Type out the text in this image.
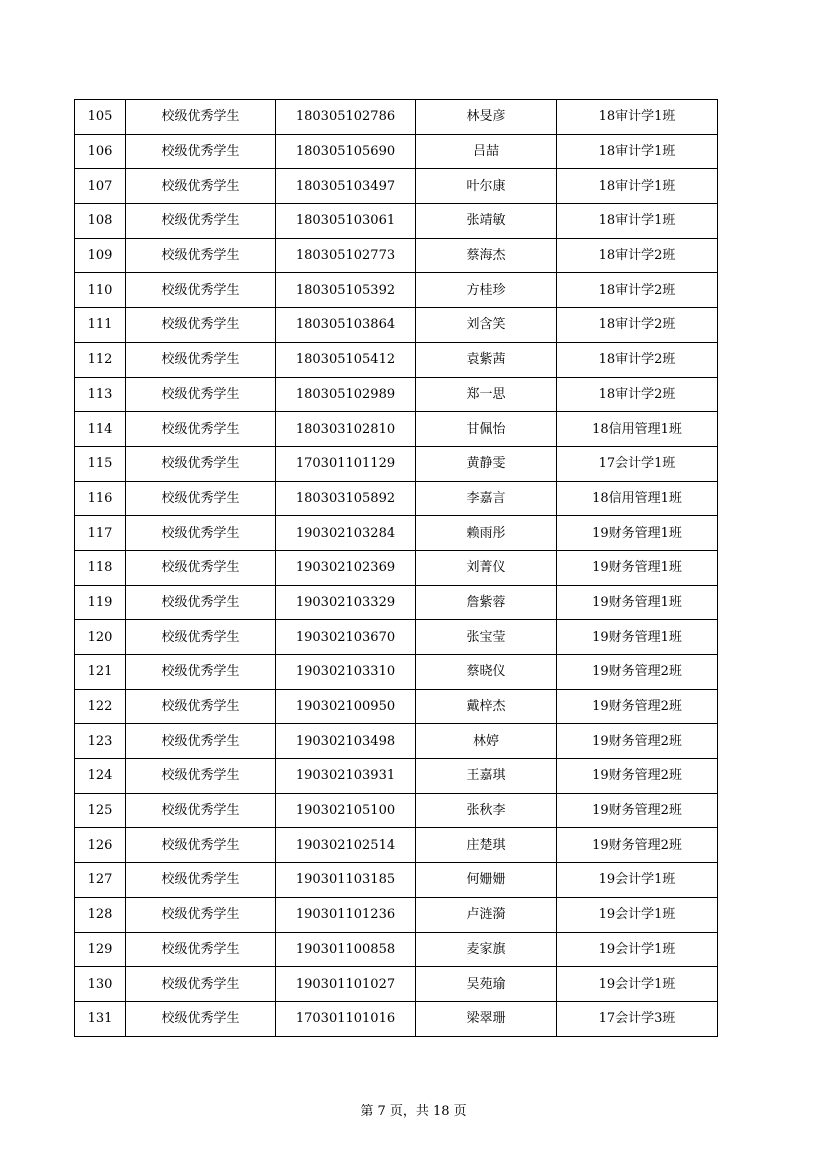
105	校级优秀学生	180305102786	林旻彦	18审计学1班
106	校级优秀学生	180305105690	吕喆	18审计学1班
107	校级优秀学生	180305103497	叶尔康	18审计学1班
108	校级优秀学生	180305103061	张靖敏	18审计学1班
109	校级优秀学生	180305102773	蔡海杰	18审计学2班
110	校级优秀学生	180305105392	方桂珍	18审计学2班
111	校级优秀学生	180305103864	刘含笑	18审计学2班
112	校级优秀学生	180305105412	袁紫茜	18审计学2班
113	校级优秀学生	180305102989	郑一思	18审计学2班
114	校级优秀学生	180303102810	甘佩怡	18信用管理1班
115	校级优秀学生	170301101129	黄静雯	17会计学1班
116	校级优秀学生	180303105892	李嘉言	18信用管理1班
117	校级优秀学生	190302103284	赖雨彤	19财务管理1班
118	校级优秀学生	190302102369	刘菁仪	19财务管理1班
119	校级优秀学生	190302103329	詹紫蓉	19财务管理1班
120	校级优秀学生	190302103670	张宝莹	19财务管理1班
121	校级优秀学生	190302103310	蔡晓仪	19财务管理2班
122	校级优秀学生	190302100950	戴梓杰	19财务管理2班
123	校级优秀学生	190302103498	林婷	19财务管理2班
124	校级优秀学生	190302103931	王嘉琪	19财务管理2班
125	校级优秀学生	190302105100	张秋李	19财务管理2班
126	校级优秀学生	190302102514	庄楚琪	19财务管理2班
127	校级优秀学生	190301103185	何姗姗	19会计学1班
128	校级优秀学生	190301101236	卢涟漪	19会计学1班
129	校级优秀学生	190301100858	麦家旗	19会计学1班
130	校级优秀学生	190301101027	吴苑瑜	19会计学1班
131	校级优秀学生	170301101016	梁翠珊	17会计学3班
第 7 页，共 18 页
